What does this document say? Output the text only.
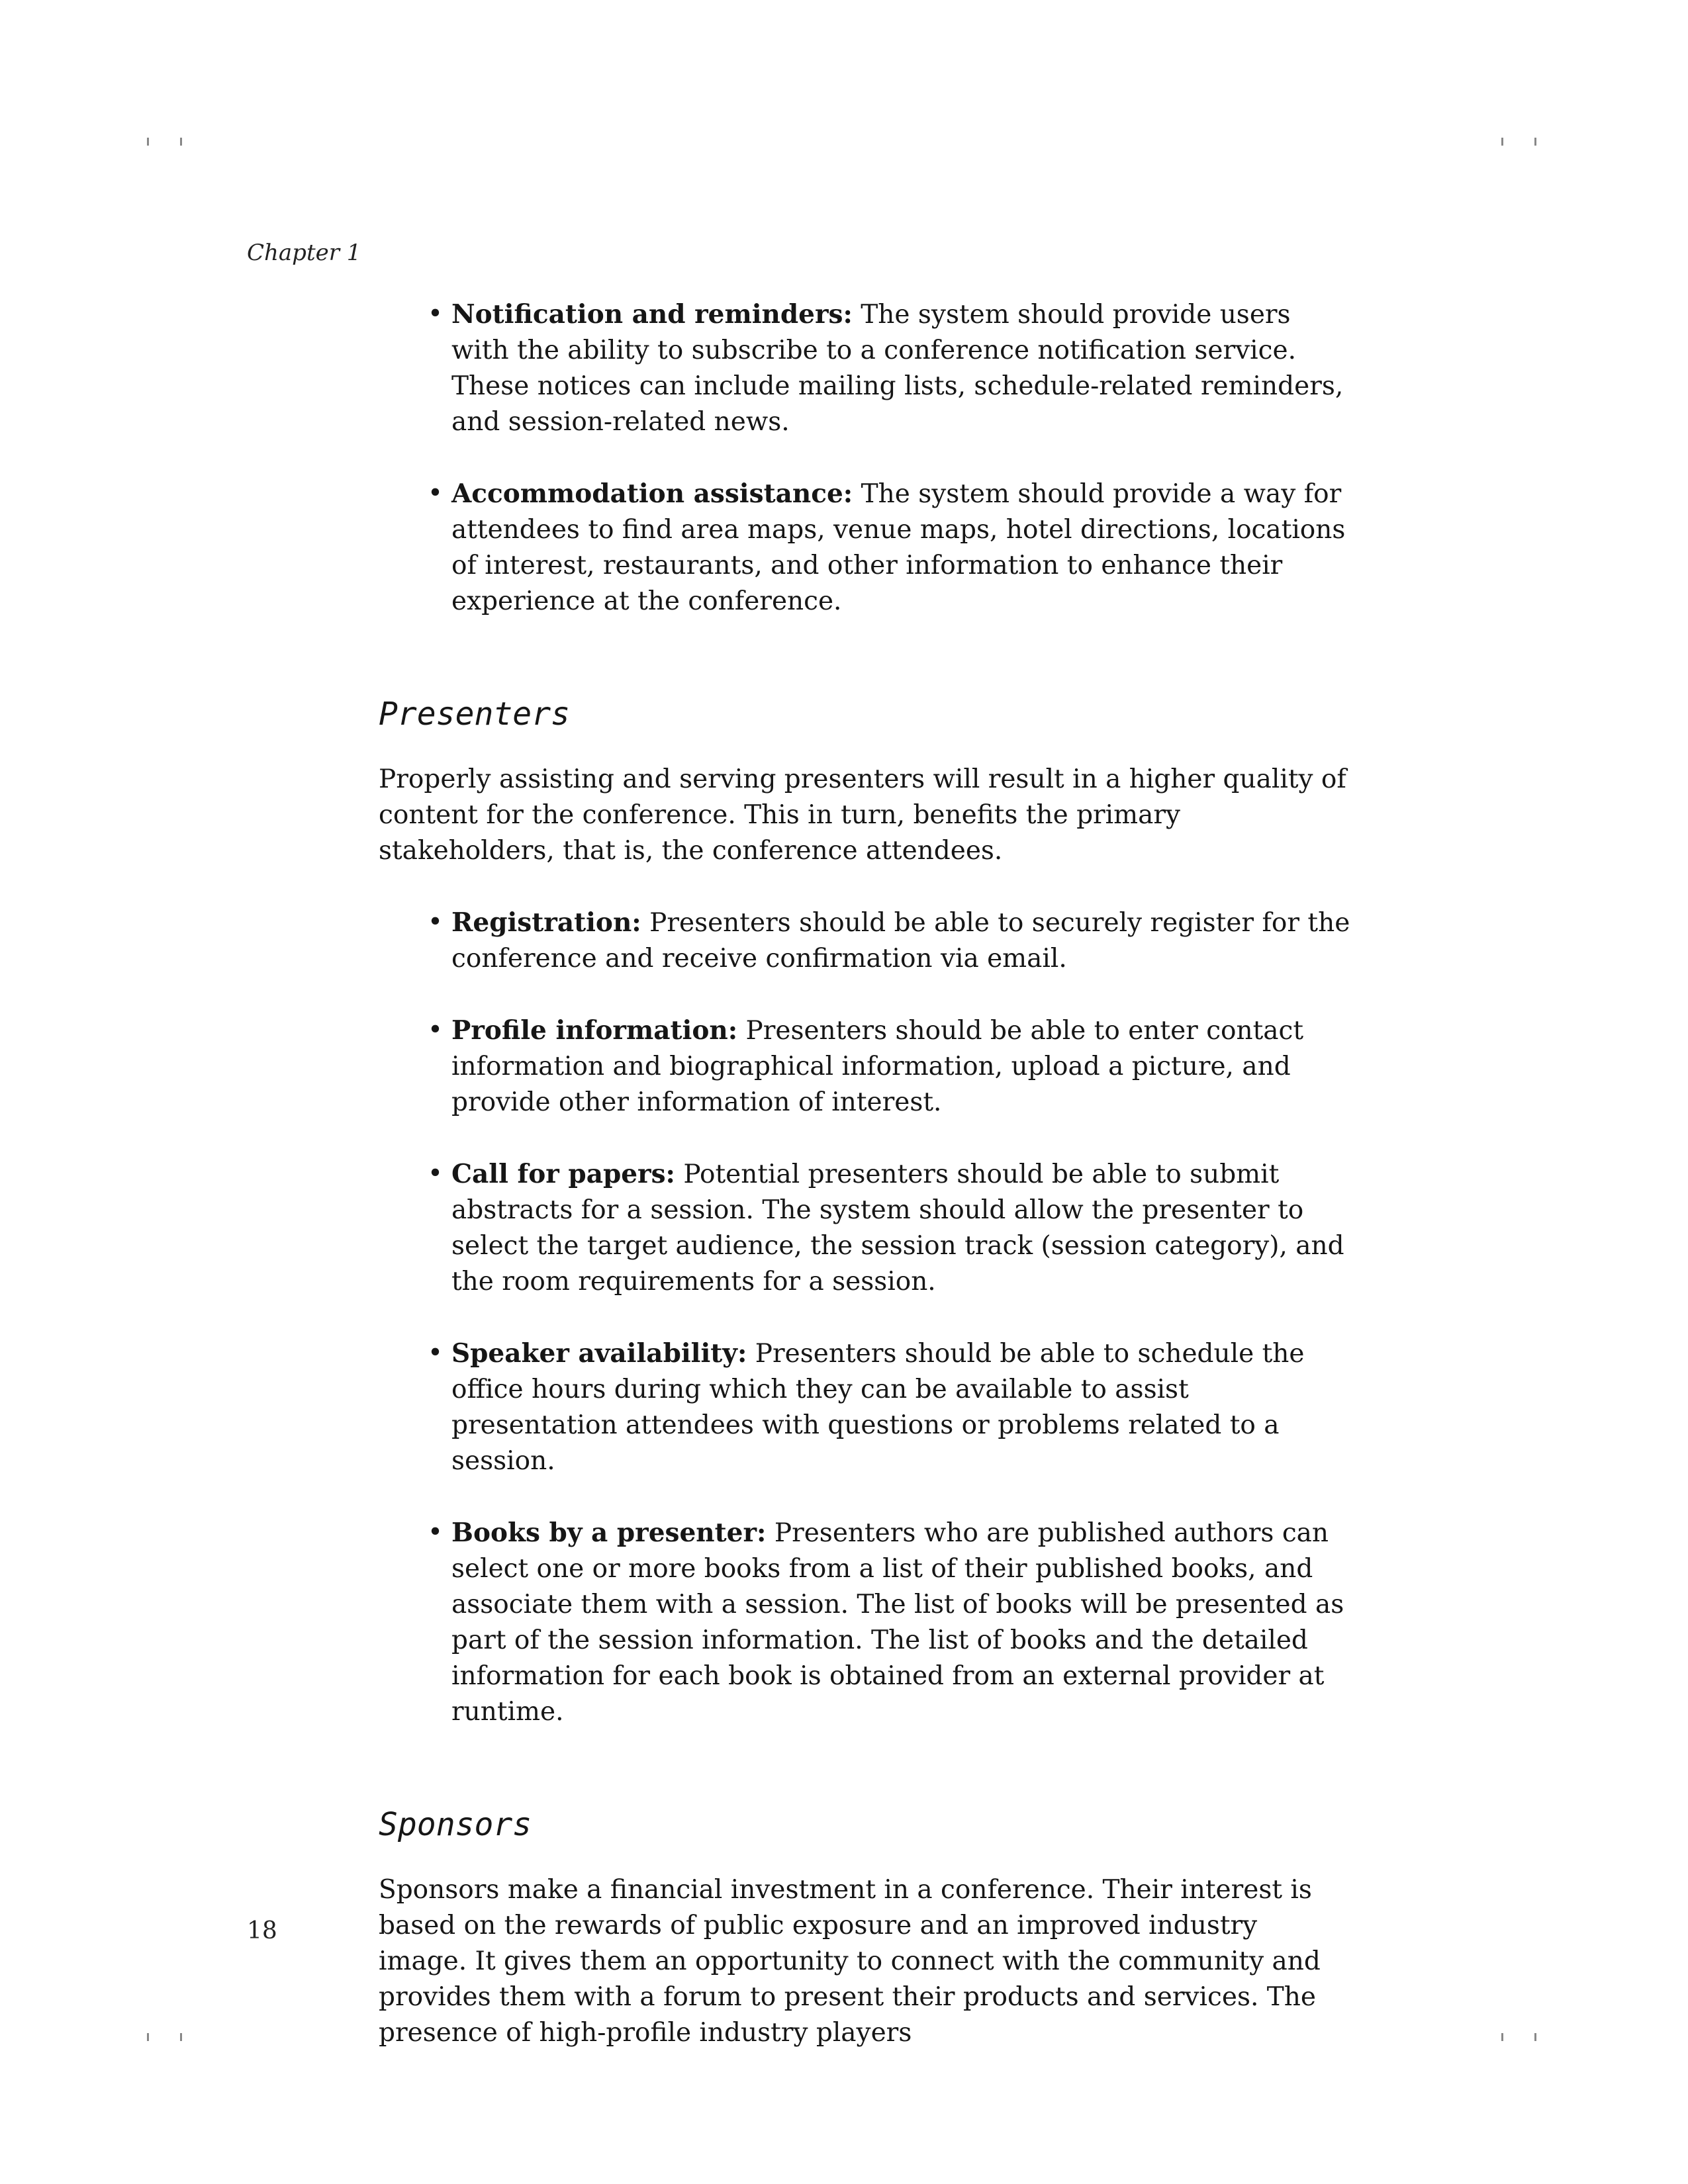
Chapter 1
• Notification and reminders: The system should provide users with the ability to subscribe to a conference notification service. These notices can include mailing lists, schedule-related reminders, and session-related news.
• Accommodation assistance: The system should provide a way for attendees to find area maps, venue maps, hotel directions, locations of interest, restaurants, and other information to enhance their experience at the conference.
Presenters

Properly assisting and serving presenters will result in a higher quality of content for the conference. This in turn, benefits the primary stakeholders, that is, the conference attendees.

• Registration: Presenters should be able to securely register for the conference and receive confirmation via email.
• Profile information: Presenters should be able to enter contact information and biographical information, upload a picture, and provide other information of interest.
• Call for papers: Potential presenters should be able to submit abstracts for a session. The system should allow the presenter to select the target audience, the session track (session category), and the room requirements for a session.
• Speaker availability: Presenters should be able to schedule the office hours during which they can be available to assist presentation attendees with questions or problems related to a session.
• Books by a presenter: Presenters who are published authors can select one or more books from a list of their published books, and associate them with a session. The list of books will be presented as part of the session information. The list of books and the detailed information for each book is obtained from an external provider at runtime.
Sponsors

Sponsors make a financial investment in a conference. Their interest is based on the rewards of public exposure and an improved industry image. It gives them an opportunity to connect with the community and provides them with a forum to present their products and services. The presence of high-profile industry players

18
